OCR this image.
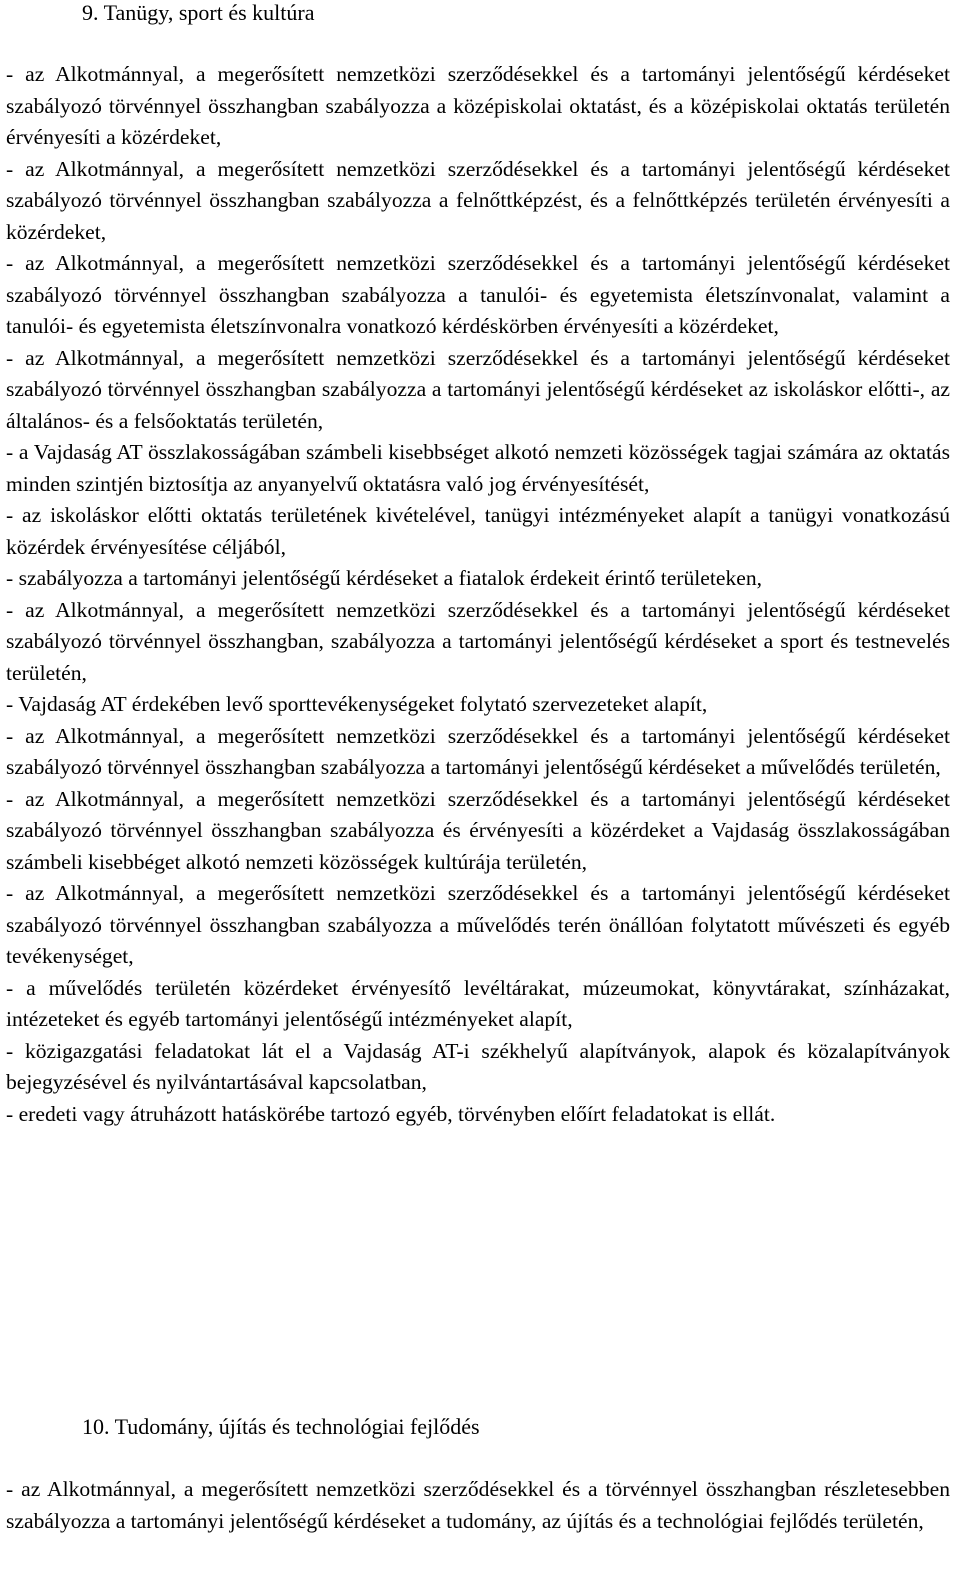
9. Tanügy, sport és kultúra

- az Alkotmánnyal, a megerősített nemzetközi szerződésekkel és a tartományi jelentőségű kérdéseket szabályozó törvénnyel összhangban szabályozza a középiskolai oktatást, és a középiskolai oktatás területén érvényesíti a közérdeket,

- az Alkotmánnyal, a megerősített nemzetközi szerződésekkel és a tartományi jelentőségű kérdéseket szabályozó törvénnyel összhangban szabályozza a felnőttképzést, és a felnőttképzés területén érvényesíti a közérdeket,

- az Alkotmánnyal, a megerősített nemzetközi szerződésekkel és a tartományi jelentőségű kérdéseket szabályozó törvénnyel összhangban szabályozza a tanulói- és egyetemista életszínvonalat, valamint a tanulói- és egyetemista életszínvonalra vonatkozó kérdéskörben érvényesíti a közérdeket,

- az Alkotmánnyal, a megerősített nemzetközi szerződésekkel és a tartományi jelentőségű kérdéseket szabályozó törvénnyel összhangban szabályozza a tartományi jelentőségű kérdéseket az iskoláskor előtti-, az általános- és a felsőoktatás területén,

- a Vajdaság AT összlakosságában számbeli kisebbséget alkotó nemzeti közösségek tagjai számára az oktatás minden szintjén biztosítja az anyanyelvű oktatásra való jog érvényesítését,

- az iskoláskor előtti oktatás területének kivételével, tanügyi intézményeket alapít a tanügyi vonatkozású közérdek érvényesítése céljából,

- szabályozza a tartományi jelentőségű kérdéseket a fiatalok érdekeit érintő területeken,

- az Alkotmánnyal, a megerősített nemzetközi szerződésekkel és a tartományi jelentőségű kérdéseket szabályozó törvénnyel összhangban, szabályozza a tartományi jelentőségű kérdéseket a sport és testnevelés területén,

- Vajdaság AT érdekében levő sporttevékenységeket folytató szervezeteket alapít,

- az Alkotmánnyal, a megerősített nemzetközi szerződésekkel és a tartományi jelentőségű kérdéseket szabályozó törvénnyel összhangban szabályozza a tartományi jelentőségű kérdéseket a művelődés területén,

- az Alkotmánnyal, a megerősített nemzetközi szerződésekkel és a tartományi jelentőségű kérdéseket szabályozó törvénnyel összhangban szabályozza és érvényesíti a közérdeket a Vajdaság összlakosságában számbeli kisebbéget alkotó nemzeti közösségek kultúrája területén,

- az Alkotmánnyal, a megerősített nemzetközi szerződésekkel és a tartományi jelentőségű kérdéseket szabályozó törvénnyel összhangban szabályozza a művelődés terén önállóan folytatott művészeti és egyéb tevékenységet,

- a művelődés területén közérdeket érvényesítő levéltárakat, múzeumokat, könyvtárakat, színházakat, intézeteket és egyéb tartományi jelentőségű intézményeket alapít,

- közigazgatási feladatokat lát el a Vajdaság AT-i székhelyű alapítványok, alapok és közalapítványok bejegyzésével és nyilvántartásával kapcsolatban,

- eredeti vagy átruházott hatáskörébe tartozó egyéb, törvényben előírt feladatokat is ellát.

10. Tudomány, újítás és technológiai fejlődés

- az Alkotmánnyal, a megerősített nemzetközi szerződésekkel és a törvénnyel összhangban részletesebben szabályozza a tartományi jelentőségű kérdéseket a tudomány, az újítás és a technológiai fejlődés területén,
